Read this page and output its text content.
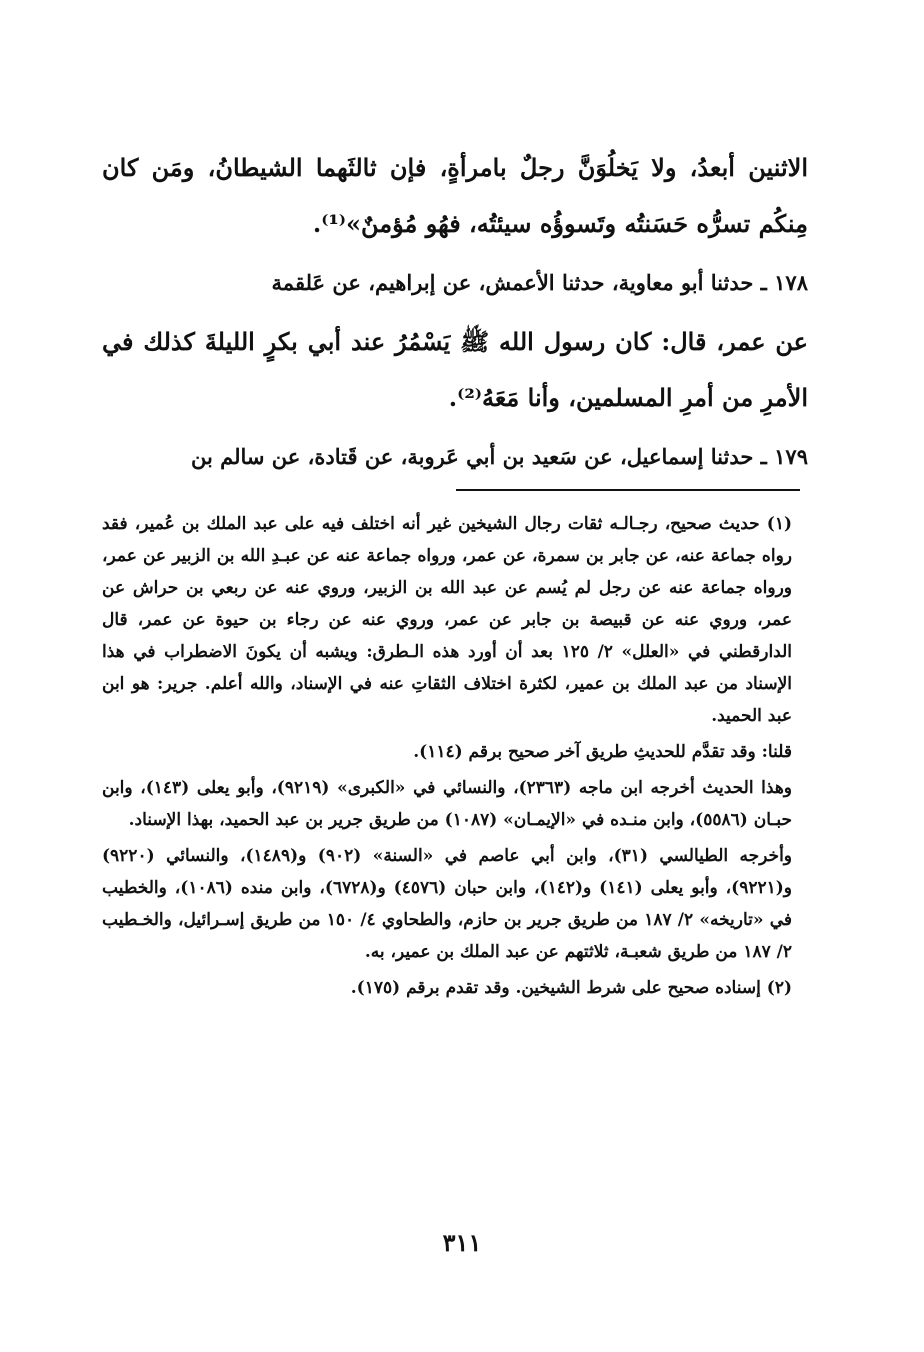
الاثنين أبعدُ، ولا يَخلُوَنَّ رجلٌ بامرأةٍ، فإن ثالثَهما الشيطانُ، ومَن كان مِنكُم تسرُّه حَسَنتُه وتَسوؤُه سيئتُه، فهُو مُؤمنٌ»⁽¹⁾.

١٧٨ ـ حدثنا أبو معاوية، حدثنا الأعمش، عن إبراهيم، عن عَلقمة

عن عمر، قال: كان رسول الله ﷺ يَسْمُرُ عند أبي بكرٍ الليلةَ كذلك في الأمرِ من أمرِ المسلمين، وأنا مَعَهُ⁽²⁾.

١٧٩ ـ حدثنا إسماعيل، عن سَعيد بن أبي عَروبة، عن قَتادة، عن سالم بن

(١) حديث صحيح، رجـالـه ثقات رجال الشيخين غير أنه اختلف فيه على عبد الملك بن عُمير، فقد رواه جماعة عنه، عن جابر بن سمرة، عن عمر، ورواه جماعة عنه عن عبـدِ الله بن الزبير عن عمر، ورواه جماعة عنه عن رجل لم يُسم عن عبد الله بن الزبير، وروي عنه عن ربعي بن حراش عن عمر، وروي عنه عن قبيصة بن جابر عن عمر، وروي عنه عن رجاء بن حيوة عن عمر، قال الدارقطني في «العلل» ٢/ ١٢٥ بعد أن أورد هذه الـطرق: ويشبه أن يكونَ الاضطراب في هذا الإسناد من عبد الملك بن عمير، لكثرة اختلاف الثقاتِ عنه في الإسناد، والله أعلم. جرير: هو ابن عبد الحميد.

قلنا: وقد تقدَّم للحديثِ طريق آخر صحيح برقم (١١٤).

وهذا الحديث أخرجه ابن ماجه (٢٣٦٣)، والنسائي في «الكبرى» (٩٢١٩)، وأبو يعلى (١٤٣)، وابن حبـان (٥٥٨٦)، وابن منـده في «الإيمـان» (١٠٨٧) من طريق جرير بن عبد الحميد، بهذا الإسناد.

وأخرجه الطيالسي (٣١)، وابن أبي عاصم في «السنة» (٩٠٢) و(١٤٨٩)، والنسائي (٩٢٢٠) و(٩٢٢١)، وأبو يعلى (١٤١) و(١٤٢)، وابن حبان (٤٥٧٦) و(٦٧٢٨)، وابن منده (١٠٨٦)، والخطيب في «تاريخه» ٢/ ١٨٧ من طريق جرير بن حازم، والطحاوي ٤/ ١٥٠ من طريق إسـرائيل، والخـطيب ٢/ ١٨٧ من طريق شعبـة، ثلاثتهم عن عبد الملك بن عمير، به.

(٢) إسناده صحيح على شرط الشيخين. وقد تقدم برقم (١٧٥).

٣١١
